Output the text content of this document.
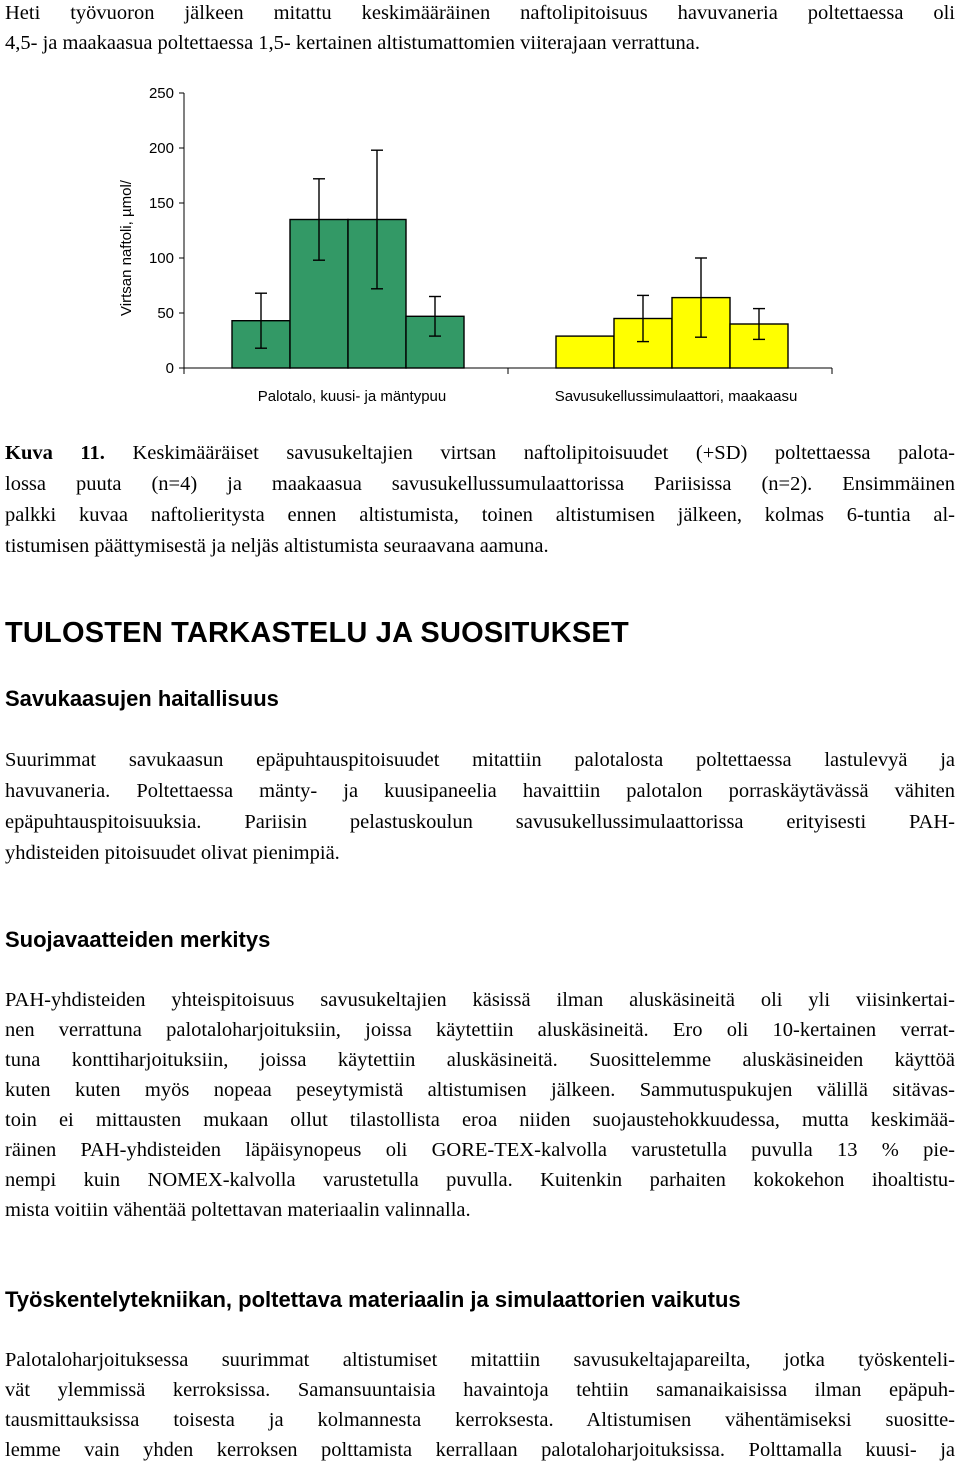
Heti työvuoron jälkeen mitattu keskimääräinen naftolipitoisuus havuvaneria poltettaessa oli

4,5- ja maakaasua poltettaessa 1,5- kertainen altistumattomien viiterajaan verrattuna.

0
50
100
150
200
250
Virtsan naftoli, µmol/
Palotalo, kuusi- ja mäntypuu	Savusukellussimulaattori, maakaasu

Kuva 11. Keskimääräiset savusukeltajien virtsan naftolipitoisuudet (+SD) poltettaessa palota-

lossa puuta (n=4) ja maakaasua savusukellussumulaattorissa Pariisissa (n=2). Ensimmäinen

palkki kuvaa naftolieritysta ennen altistumista, toinen altistumisen jälkeen, kolmas 6-tuntia al-

tistumisen päättymisestä ja neljäs altistumista seuraavana aamuna.

TULOSTEN TARKASTELU JA SUOSITUKSET
Savukaasujen haitallisuus

Suurimmat savukaasun epäpuhtauspitoisuudet mitattiin palotalosta poltettaessa lastulevyä ja

havuvaneria. Poltettaessa mänty- ja kuusipaneelia havaittiin palotalon porraskäytävässä vähiten

epäpuhtauspitoisuuksia. Pariisin pelastuskoulun savusukellussimulaattorissa erityisesti PAH-

yhdisteiden pitoisuudet olivat pienimpiä.

Suojavaatteiden merkitys

PAH-yhdisteiden yhteispitoisuus savusukeltajien käsissä ilman aluskäsineitä oli yli viisinkertai-

nen verrattuna palotaloharjoituksiin, joissa käytettiin aluskäsineitä. Ero oli 10-kertainen verrat-

tuna konttiharjoituksiin, joissa käytettiin aluskäsineitä. Suosittelemme aluskäsineiden käyttöä

kuten kuten myös nopeaa peseytymistä altistumisen jälkeen. Sammutuspukujen välillä sitävas-

toin ei mittausten mukaan ollut tilastollista eroa niiden suojaustehokkuudessa, mutta keskimää-

räinen PAH-yhdisteiden läpäisynopeus oli GORE-TEX-kalvolla varustetulla puvulla 13 % pie-

nempi kuin NOMEX-kalvolla varustetulla puvulla. Kuitenkin parhaiten kokokehon ihoaltistu-

mista voitiin vähentää poltettavan materiaalin valinnalla.

Työskentelytekniikan, poltettava materiaalin ja simulaattorien vaikutus

Palotaloharjoituksessa suurimmat altistumiset mitattiin savusukeltajapareilta, jotka työskenteli-

vät ylemmissä kerroksissa. Samansuuntaisia havaintoja tehtiin samanaikaisissa ilman epäpuh-

tausmittauksissa toisesta ja kolmannesta kerroksesta. Altistumisen vähentämiseksi suositte-

lemme vain yhden kerroksen polttamista kerrallaan palotaloharjoituksissa. Polttamalla kuusi- ja
